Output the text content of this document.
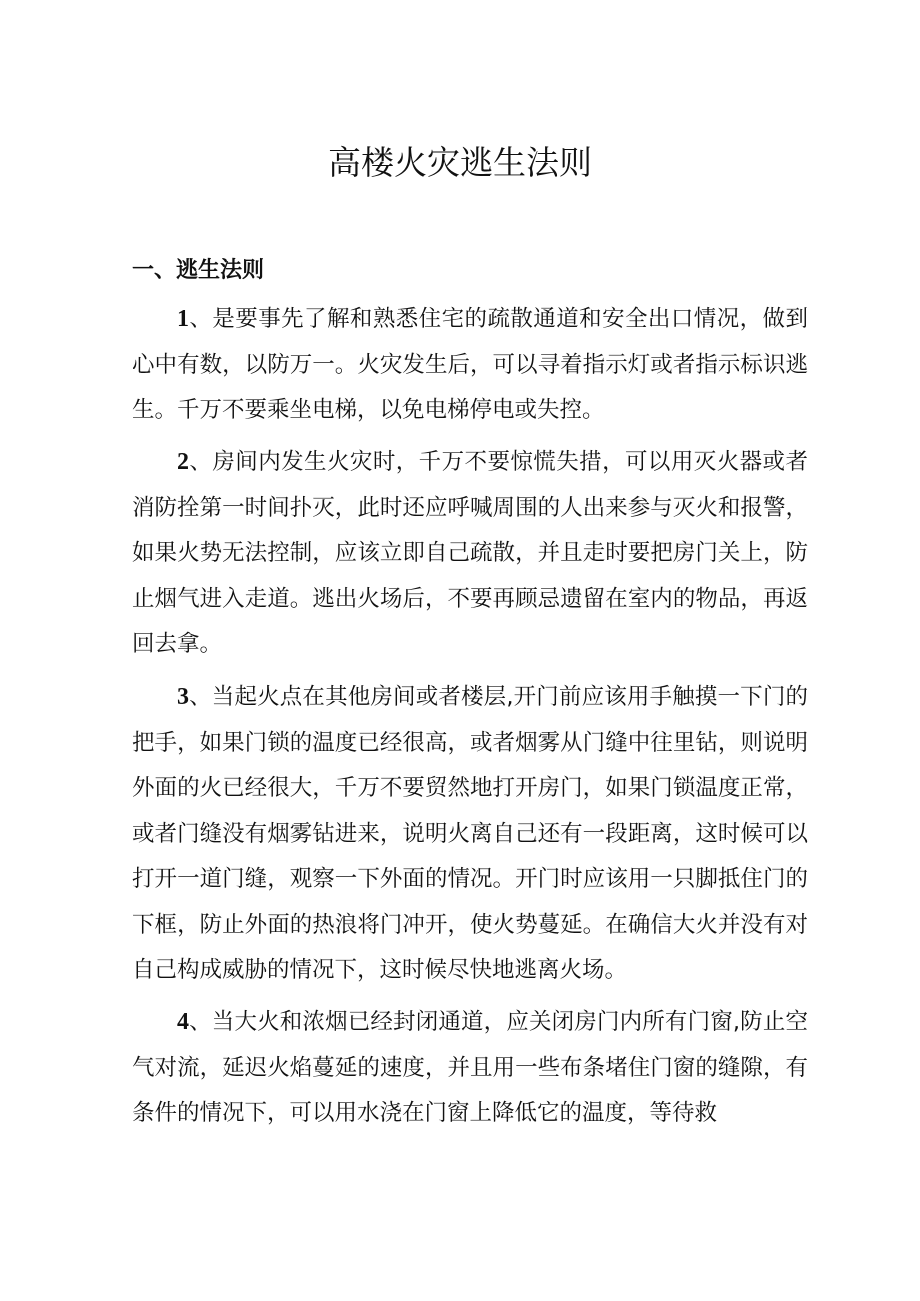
高楼火灾逃生法则
一、逃生法则

1、是要事先了解和熟悉住宅的疏散通道和安全出口情况，做到心中有数，以防万一。火灾发生后，可以寻着指示灯或者指示标识逃生。千万不要乘坐电梯，以免电梯停电或失控。

2、房间内发生火灾时，千万不要惊慌失措，可以用灭火器或者消防拴第一时间扑灭，此时还应呼喊周围的人出来参与灭火和报警，如果火势无法控制，应该立即自己疏散，并且走时要把房门关上，防止烟气进入走道。逃出火场后，不要再顾忌遗留在室内的物品，再返回去拿。

3、当起火点在其他房间或者楼层,开门前应该用手触摸一下门的把手，如果门锁的温度已经很高，或者烟雾从门缝中往里钻，则说明外面的火已经很大，千万不要贸然地打开房门，如果门锁温度正常，或者门缝没有烟雾钻进来，说明火离自己还有一段距离，这时候可以打开一道门缝，观察一下外面的情况。开门时应该用一只脚抵住门的下框，防止外面的热浪将门冲开，使火势蔓延。在确信大火并没有对自己构成威胁的情况下，这时候尽快地逃离火场。

4、当大火和浓烟已经封闭通道，应关闭房门内所有门窗,防止空气对流，延迟火焰蔓延的速度，并且用一些布条堵住门窗的缝隙，有条件的情况下，可以用水浇在门窗上降低它的温度，等待救
